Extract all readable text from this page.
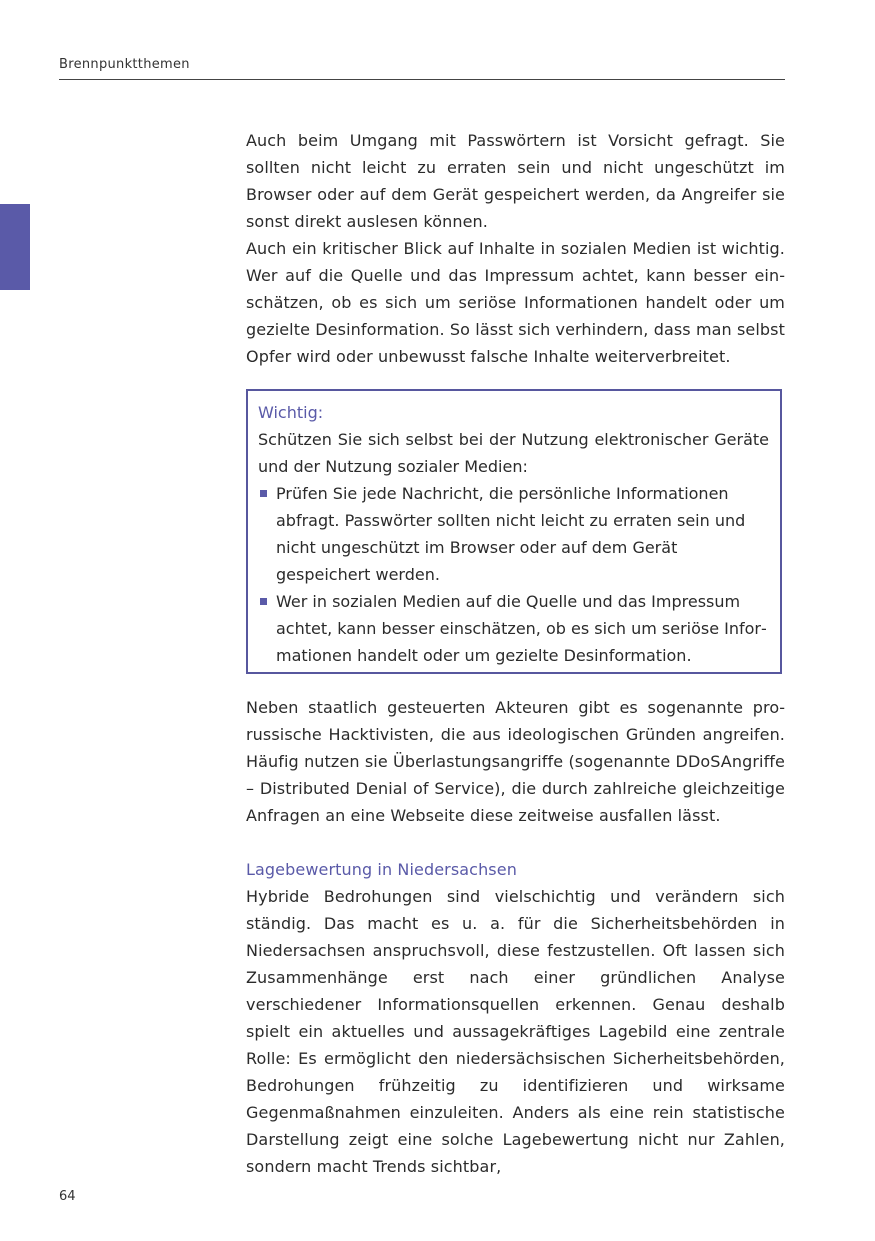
Brennpunktthemen

Auch beim Umgang mit Passwörtern ist Vorsicht gefragt. Sie sollten nicht leicht zu erraten sein und nicht ungeschützt im Browser oder auf dem Gerät gespeichert werden, da Angreifer sie sonst direkt auslesen können.

Auch ein kritischer Blick auf Inhalte in sozialen Medien ist wichtig. Wer auf die Quelle und das Impressum achtet, kann besser einschätzen, ob es sich um seriöse Informationen handelt oder um gezielte Desinformation. So lässt sich verhindern, dass man selbst Opfer wird oder unbewusst falsche Inhalte weiterverbreitet.

Wichtig:
Schützen Sie sich selbst bei der Nutzung elektronischer Geräte und der Nutzung sozialer Medien:
Prüfen Sie jede Nachricht, die persönliche Informationen abfragt. Passwörter sollten nicht leicht zu erraten sein und nicht ungeschützt im Browser oder auf dem Gerät gespeichert werden.
Wer in sozialen Medien auf die Quelle und das Impressum achtet, kann besser einschätzen, ob es sich um seriöse Informationen handelt oder um gezielte Desinformation.

Neben staatlich gesteuerten Akteuren gibt es sogenannte prorussische Hacktivisten, die aus ideologischen Gründen angreifen. Häufig nutzen sie Überlastungsangriffe (sogenannte DDoSAngriffe – Distributed Denial of Service), die durch zahlreiche gleichzeitige Anfragen an eine Webseite diese zeitweise ausfallen lässt.

Lagebewertung in Niedersachsen

Hybride Bedrohungen sind vielschichtig und verändern sich ständig. Das macht es u. a. für die Sicherheitsbehörden in Niedersachsen anspruchsvoll, diese festzustellen. Oft lassen sich Zusammenhänge erst nach einer gründlichen Analyse verschiedener Informationsquellen erkennen. Genau deshalb spielt ein aktuelles und aussagekräftiges Lagebild eine zentrale Rolle: Es ermöglicht den niedersächsischen Sicherheitsbehörden, Bedrohungen frühzeitig zu identifizieren und wirksame Gegenmaßnahmen einzuleiten. Anders als eine rein statistische Darstellung zeigt eine solche Lagebewertung nicht nur Zahlen, sondern macht Trends sichtbar,

64
